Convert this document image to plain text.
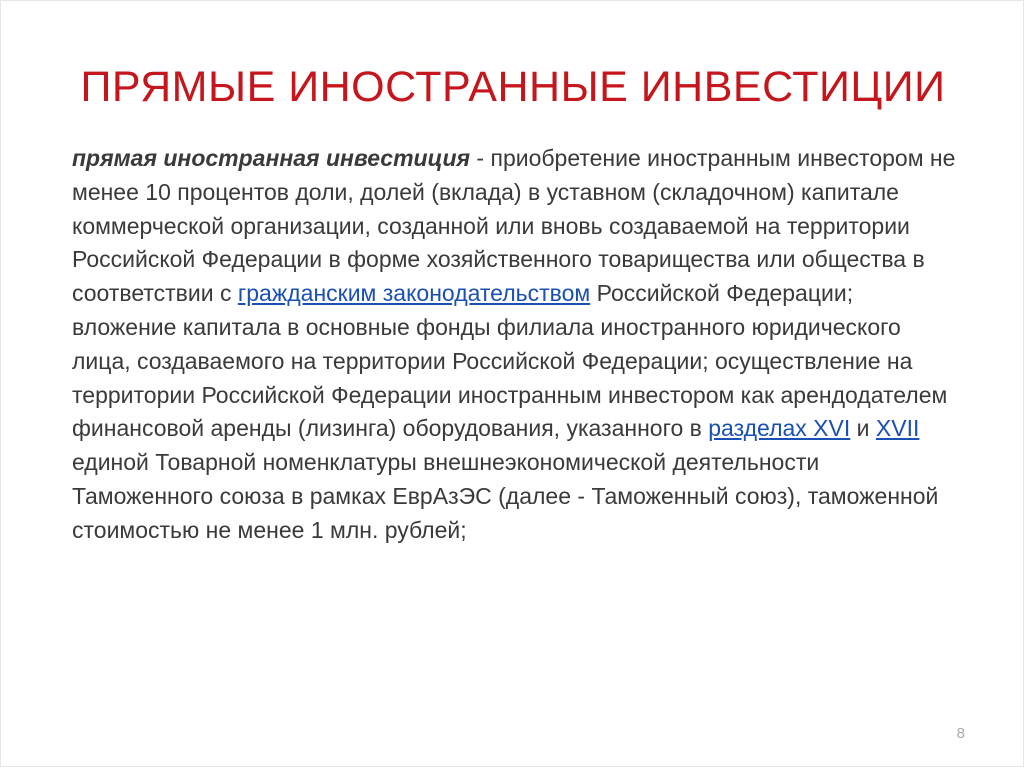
ПРЯМЫЕ ИНОСТРАННЫЕ ИНВЕСТИЦИИ

прямая иностранная инвестиция - приобретение иностранным инвестором не менее 10 процентов доли, долей (вклада) в уставном (складочном) капитале коммерческой организации, созданной или вновь создаваемой на территории Российской Федерации в форме хозяйственного товарищества или общества в соответствии с гражданским законодательством Российской Федерации; вложение капитала в основные фонды филиала иностранного юридического лица, создаваемого на территории Российской Федерации; осуществление на территории Российской Федерации иностранным инвестором как арендодателем финансовой аренды (лизинга) оборудования, указанного в разделах XVI и XVII единой Товарной номенклатуры внешнеэкономической деятельности Таможенного союза в рамках ЕврАзЭС (далее - Таможенный союз), таможенной стоимостью не менее 1 млн. рублей;

8
